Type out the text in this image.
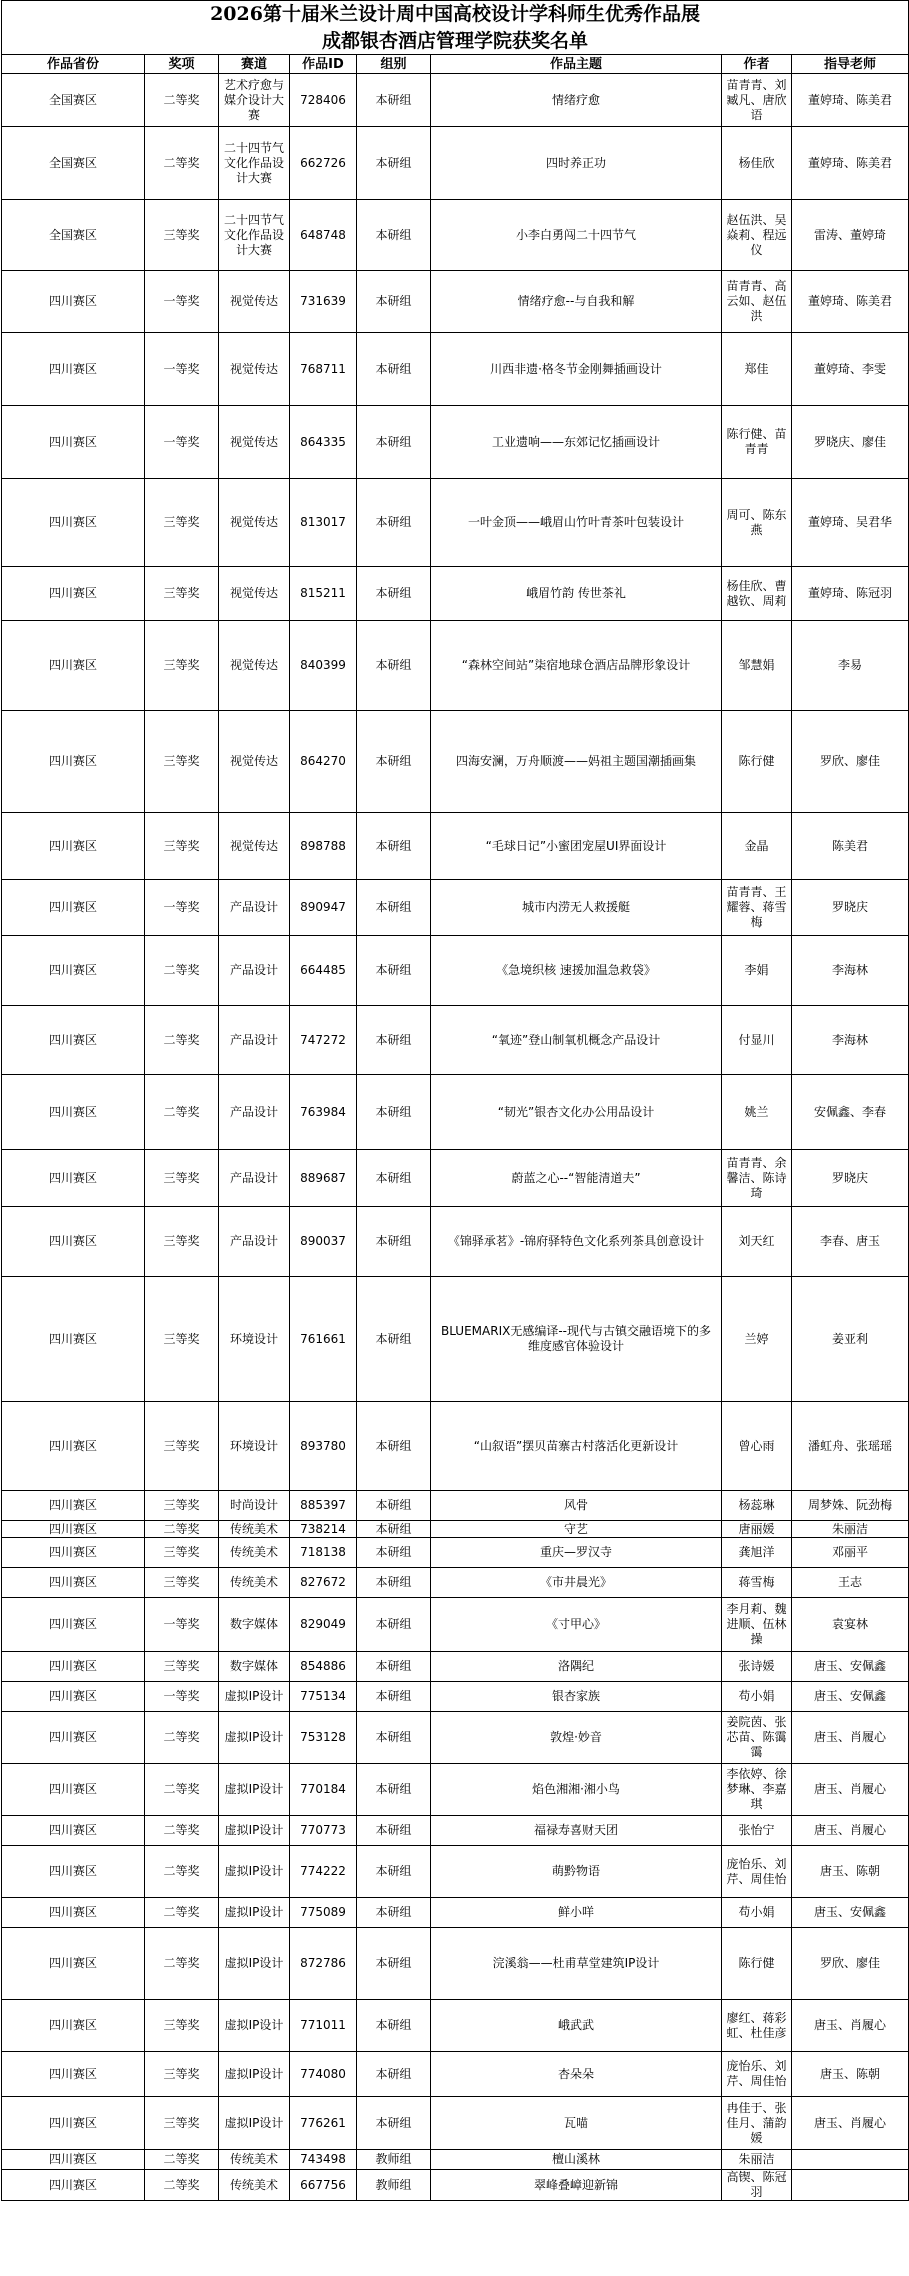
2026第十届米兰设计周中国高校设计学科师生优秀作品展							
成都银杏酒店管理学院获奖名单							
作品省份	奖项	赛道	作品ID	组别	作品主题	作者	指导老师
全国赛区	二等奖	艺术疗愈与媒介设计大赛	728406	本研组	情绪疗愈	苗青青、刘臧凡、唐欣语	董婷琦、陈美君
全国赛区	二等奖	二十四节气文化作品设计大赛	662726	本研组	四时养正功	杨佳欣	董婷琦、陈美君
全国赛区	三等奖	二十四节气文化作品设计大赛	648748	本研组	小李白勇闯二十四节气	赵伍洪、吴焱莉、程远仪	雷涛、董婷琦
四川赛区	一等奖	视觉传达	731639	本研组	情绪疗愈--与自我和解	苗青青、高云如、赵伍洪	董婷琦、陈美君
四川赛区	一等奖	视觉传达	768711	本研组	川西非遗·格冬节金刚舞插画设计	郑佳	董婷琦、李雯
四川赛区	一等奖	视觉传达	864335	本研组	工业遗响——东郊记忆插画设计	陈行健、苗青青	罗晓庆、廖佳
四川赛区	三等奖	视觉传达	813017	本研组	一叶金顶——峨眉山竹叶青茶叶包装设计	周可、陈东燕	董婷琦、吴君华
四川赛区	三等奖	视觉传达	815211	本研组	峨眉竹韵 传世茶礼	杨佳欣、曹越钦、周莉	董婷琦、陈冠羽
四川赛区	三等奖	视觉传达	840399	本研组	“森林空间站”柒宿地球仓酒店品牌形象设计	邹慧娟	李易
四川赛区	三等奖	视觉传达	864270	本研组	四海安澜，万舟顺渡——妈祖主题国潮插画集	陈行健	罗欣、廖佳
四川赛区	三等奖	视觉传达	898788	本研组	“毛球日记”小蜜团宠屋UI界面设计	金晶	陈美君
四川赛区	一等奖	产品设计	890947	本研组	城市内涝无人救援艇	苗青青、王耀蓉、蒋雪梅	罗晓庆
四川赛区	二等奖	产品设计	664485	本研组	《急境织核 速援加温急救袋》	李娟	李海林
四川赛区	二等奖	产品设计	747272	本研组	“氧迹”登山制氧机概念产品设计	付显川	李海林
四川赛区	二等奖	产品设计	763984	本研组	“韧光”银杏文化办公用品设计	姚兰	安佩鑫、李春
四川赛区	三等奖	产品设计	889687	本研组	蔚蓝之心--“智能清道夫”	苗青青、余馨洁、陈诗琦	罗晓庆
四川赛区	三等奖	产品设计	890037	本研组	《锦驿承茗》-锦府驿特色文化系列茶具创意设计	刘天红	李春、唐玉
四川赛区	三等奖	环境设计	761661	本研组	BLUEMARIX无感编译--现代与古镇交融语境下的多维度感官体验设计	兰婷	姜亚利
四川赛区	三等奖	环境设计	893780	本研组	“山叙语”摆贝苗寨古村落活化更新设计	曾心雨	潘虹舟、张瑶瑶
四川赛区	三等奖	时尚设计	885397	本研组	风骨	杨蕊琳	周梦姝、阮劲梅
四川赛区	二等奖	传统美术	738214	本研组	守艺	唐丽媛	朱丽洁
四川赛区	三等奖	传统美术	718138	本研组	重庆—罗汉寺	龚旭洋	邓丽平
四川赛区	三等奖	传统美术	827672	本研组	《市井晨光》	蒋雪梅	王志
四川赛区	一等奖	数字媒体	829049	本研组	《寸甲心》	李月莉、魏进顺、伍林操	袁宴林
四川赛区	三等奖	数字媒体	854886	本研组	洛隅纪	张诗媛	唐玉、安佩鑫
四川赛区	一等奖	虚拟IP设计	775134	本研组	银杏家族	苟小娟	唐玉、安佩鑫
四川赛区	二等奖	虚拟IP设计	753128	本研组	敦煌·妙音	姜院茵、张芯苗、陈霭霭	唐玉、肖履心
四川赛区	二等奖	虚拟IP设计	770184	本研组	焰色湘湘·湘小鸟	李依婷、徐梦琳、李嘉琪	唐玉、肖履心
四川赛区	二等奖	虚拟IP设计	770773	本研组	福禄寿喜财天团	张怡宁	唐玉、肖履心
四川赛区	二等奖	虚拟IP设计	774222	本研组	萌黔物语	庞怡乐、刘芹、周佳怡	唐玉、陈朝
四川赛区	二等奖	虚拟IP设计	775089	本研组	鲜小咩	苟小娟	唐玉、安佩鑫
四川赛区	二等奖	虚拟IP设计	872786	本研组	浣溪翁——杜甫草堂建筑IP设计	陈行健	罗欣、廖佳
四川赛区	三等奖	虚拟IP设计	771011	本研组	峨武武	廖红、蒋彩虹、杜佳彦	唐玉、肖履心
四川赛区	三等奖	虚拟IP设计	774080	本研组	杏朵朵	庞怡乐、刘芹、周佳怡	唐玉、陈朝
四川赛区	三等奖	虚拟IP设计	776261	本研组	瓦喵	冉佳于、张佳月、蒲韵媛	唐玉、肖履心
四川赛区	二等奖	传统美术	743498	教师组	檀山溪林	朱丽洁	
四川赛区	二等奖	传统美术	667756	教师组	翠峰叠嶂迎新锦	高锲、陈冠羽	
